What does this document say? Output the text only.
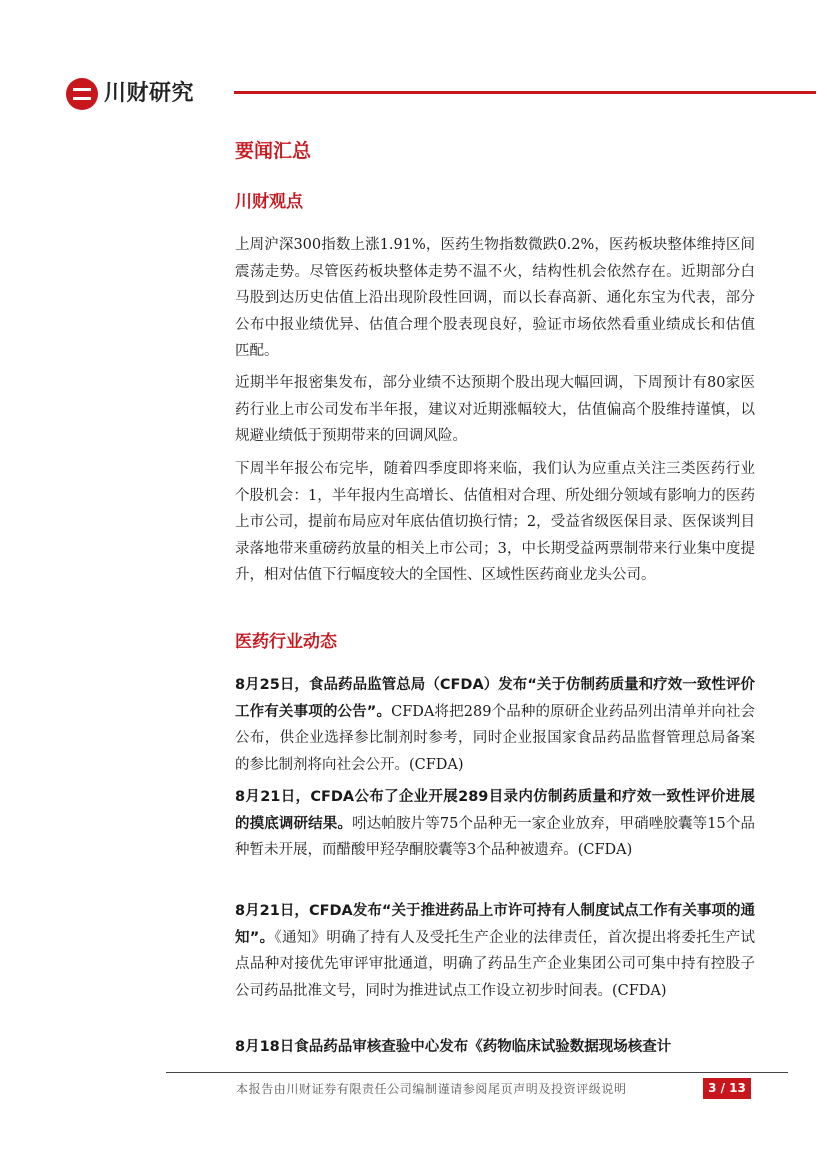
川财研究
要闻汇总
川财观点

上周沪深300指数上涨1.91%，医药生物指数微跌0.2%，医药板块整体维持区间震荡走势。尽管医药板块整体走势不温不火，结构性机会依然存在。近期部分白马股到达历史估值上沿出现阶段性回调，而以长春高新、通化东宝为代表，部分公布中报业绩优异、估值合理个股表现良好，验证市场依然看重业绩成长和估值匹配。

近期半年报密集发布，部分业绩不达预期个股出现大幅回调，下周预计有80家医药行业上市公司发布半年报，建议对近期涨幅较大，估值偏高个股维持谨慎，以规避业绩低于预期带来的回调风险。

下周半年报公布完毕，随着四季度即将来临，我们认为应重点关注三类医药行业个股机会：1，半年报内生高增长、估值相对合理、所处细分领域有影响力的医药上市公司，提前布局应对年底估值切换行情；2，受益省级医保目录、医保谈判目录落地带来重磅药放量的相关上市公司；3，中长期受益两票制带来行业集中度提升，相对估值下行幅度较大的全国性、区域性医药商业龙头公司。

医药行业动态

8月25日，食品药品监管总局（CFDA）发布“关于仿制药质量和疗效一致性评价工作有关事项的公告”。CFDA将把289个品种的原研企业药品列出清单并向社会公布，供企业选择参比制剂时参考，同时企业报国家食品药品监督管理总局备案的参比制剂将向社会公开。(CFDA)

8月21日，CFDA公布了企业开展289目录内仿制药质量和疗效一致性评价进展的摸底调研结果。吲达帕胺片等75个品种无一家企业放弃，甲硝唑胶囊等15个品种暂未开展，而醋酸甲羟孕酮胶囊等3个品种被遗弃。(CFDA)

8月21日，CFDA发布“关于推进药品上市许可持有人制度试点工作有关事项的通知”。《通知》明确了持有人及受托生产企业的法律责任，首次提出将委托生产试点品种对接优先审评审批通道，明确了药品生产企业集团公司可集中持有控股子公司药品批准文号，同时为推进试点工作设立初步时间表。(CFDA)

8月18日食品药品审核查验中心发布《药物临床试验数据现场核查计

本报告由川财证券有限责任公司编制谨请参阅尾页声明及投资评级说明	3 / 13
